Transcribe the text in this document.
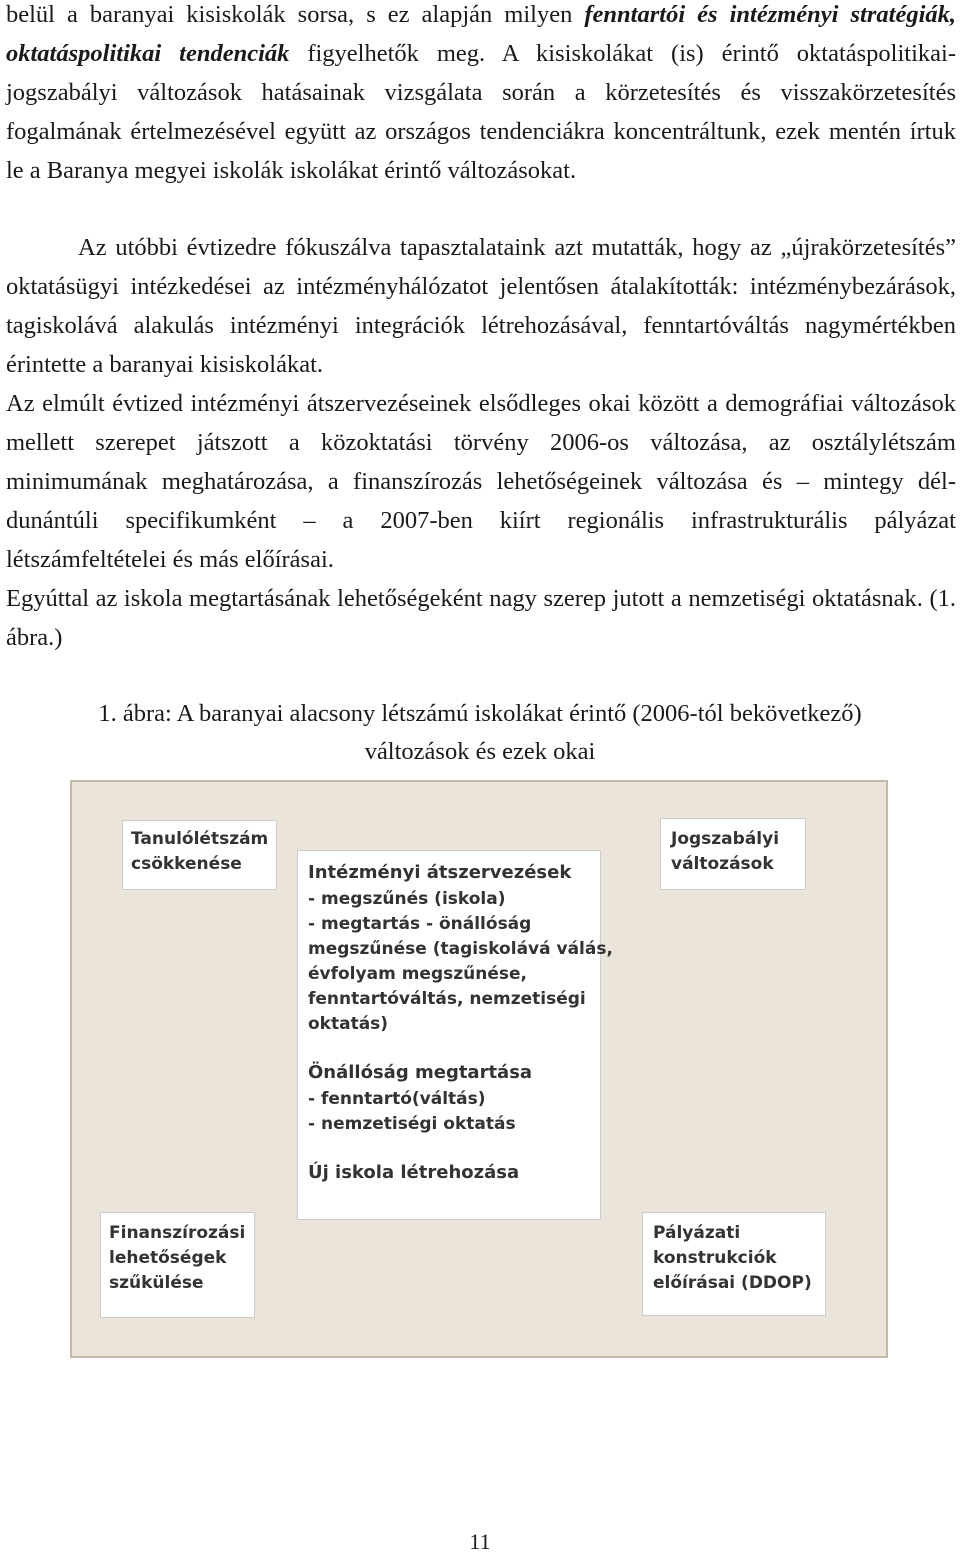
belül a baranyai kisiskolák sorsa, s ez alapján milyen fenntartói és intézményi stratégiák, oktatáspolitikai tendenciák figyelhetők meg. A kisiskolákat (is) érintő oktatáspolitikai-jogszabályi változások hatásainak vizsgálata során a körzetesítés és visszakörzetesítés fogalmának értelmezésével együtt az országos tendenciákra koncentráltunk, ezek mentén írtuk le a Baranya megyei iskolák iskolákat érintő változásokat.

Az utóbbi évtizedre fókuszálva tapasztalataink azt mutatták, hogy az „újrakörzetesítés” oktatásügyi intézkedései az intézményhálózatot jelentősen átalakították: intézménybezárások, tagiskolává alakulás intézményi integrációk létrehozásával, fenntartóváltás nagymértékben érintette a baranyai kisiskolákat.

Az elmúlt évtized intézményi átszervezéseinek elsődleges okai között a demográfiai változások mellett szerepet játszott a közoktatási törvény 2006-os változása, az osztálylétszám minimumának meghatározása, a finanszírozás lehetőségeinek változása és – mintegy dél-dunántúli specifikumként – a 2007-ben kiírt regionális infrastrukturális pályázat létszámfeltételei és más előírásai.

Egyúttal az iskola megtartásának lehetőségeként nagy szerep jutott a nemzetiségi oktatásnak. (1. ábra.)

1. ábra: A baranyai alacsony létszámú iskolákat érintő (2006-tól bekövetkező)
változások és ezek okai
Tanulólétszám
csökkenése
Jogszabályi
változások
Intézményi átszervezések
- megszűnés (iskola)
- megtartás - önállóság
megszűnése (tagiskolává válás,
évfolyam megszűnése,
fenntartóváltás, nemzetiségi
oktatás)
Önállóság megtartása
- fenntartó(váltás)
- nemzetiségi oktatás
Új iskola létrehozása
Finanszírozási
lehetőségek
szűkülése
Pályázati
konstrukciók
előírásai (DDOP)
11
